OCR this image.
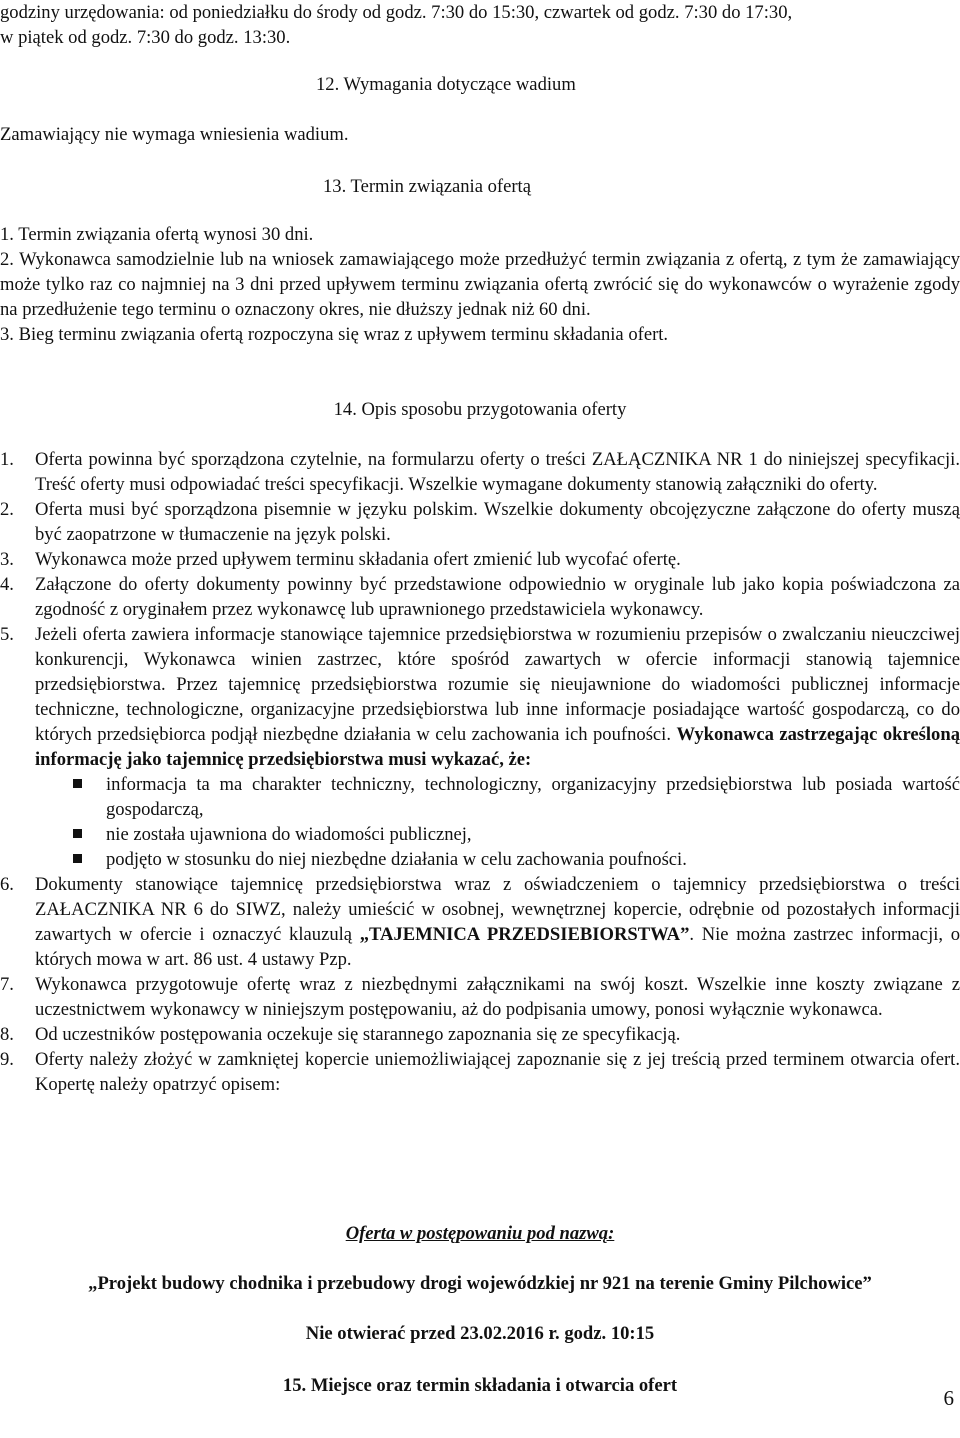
godziny urzędowania: od poniedziałku do środy od godz. 7:30 do 15:30, czwartek od godz. 7:30 do 17:30,

w piątek od godz. 7:30 do godz. 13:30.

12. Wymagania dotyczące wadium

Zamawiający nie wymaga wniesienia wadium.

13. Termin związania ofertą

1. Termin związania ofertą wynosi 30 dni.

2. Wykonawca samodzielnie lub na wniosek zamawiającego może przedłużyć termin związania z ofertą, z tym że zamawiający może tylko raz co najmniej na 3 dni przed upływem terminu związania ofertą zwrócić się do wykonawców o wyrażenie zgody na przedłużenie tego terminu o oznaczony okres, nie dłuższy jednak niż 60 dni.

3. Bieg terminu związania ofertą rozpoczyna się wraz z upływem terminu składania ofert.

14. Opis sposobu przygotowania oferty

1.	Oferta powinna być sporządzona czytelnie, na formularzu oferty o treści ZAŁĄCZNIKA NR 1 do niniejszej specyfikacji. Treść oferty musi odpowiadać treści specyfikacji. Wszelkie wymagane dokumenty stanowią załączniki do oferty.
2.	Oferta musi być sporządzona pisemnie w języku polskim. Wszelkie dokumenty obcojęzyczne załączone do oferty muszą być zaopatrzone w tłumaczenie na język polski.
3.	Wykonawca może przed upływem terminu składania ofert zmienić lub wycofać ofertę.
4.	Załączone do oferty dokumenty powinny być przedstawione odpowiednio w oryginale lub jako kopia poświadczona za zgodność z oryginałem przez wykonawcę lub uprawnionego przedstawiciela wykonawcy.
5.	Jeżeli oferta zawiera informacje stanowiące tajemnice przedsiębiorstwa w rozumieniu przepisów o zwalczaniu nieuczciwej konkurencji, Wykonawca winien zastrzec, które spośród zawartych w ofercie informacji stanowią tajemnice przedsiębiorstwa. Przez tajemnicę przedsiębiorstwa rozumie się nieujawnione do wiadomości publicznej informacje techniczne, technologiczne, organizacyjne przedsiębiorstwa lub inne informacje posiadające wartość gospodarczą, co do których przedsiębiorca podjął niezbędne działania w celu zachowania ich poufności. Wykonawca zastrzegając określoną informację jako tajemnicę przedsiębiorstwa musi wykazać, że:
informacja ta ma charakter techniczny, technologiczny, organizacyjny przedsiębiorstwa lub posiada wartość gospodarczą,
nie została ujawniona do wiadomości publicznej,
podjęto w stosunku do niej niezbędne działania w celu zachowania poufności.
6.	Dokumenty stanowiące tajemnicę przedsiębiorstwa wraz z oświadczeniem o tajemnicy przedsiębiorstwa o treści ZAŁACZNIKA NR 6 do SIWZ, należy umieścić w osobnej, wewnętrznej kopercie, odrębnie od pozostałych informacji zawartych w ofercie i oznaczyć klauzulą „TAJEMNICA PRZEDSIEBIORSTWA”. Nie można zastrzec informacji, o których mowa w art. 86 ust. 4 ustawy Pzp.
7.	Wykonawca przygotowuje ofertę wraz z niezbędnymi załącznikami na swój koszt. Wszelkie inne koszty związane z uczestnictwem wykonawcy w niniejszym postępowaniu, aż do podpisania umowy, ponosi wyłącznie wykonawca.
8.	Od uczestników postępowania oczekuje się starannego zapoznania się ze specyfikacją.
9.	Oferty należy złożyć w zamkniętej kopercie uniemożliwiającej zapoznanie się z jej treścią przed terminem otwarcia ofert. Kopertę należy opatrzyć opisem:

Oferta w postępowaniu pod nazwą:

„Projekt budowy chodnika i przebudowy drogi wojewódzkiej nr 921 na terenie Gminy Pilchowice”

Nie otwierać przed 23.02.2016 r. godz. 10:15

15. Miejsce oraz termin składania i otwarcia ofert

6
